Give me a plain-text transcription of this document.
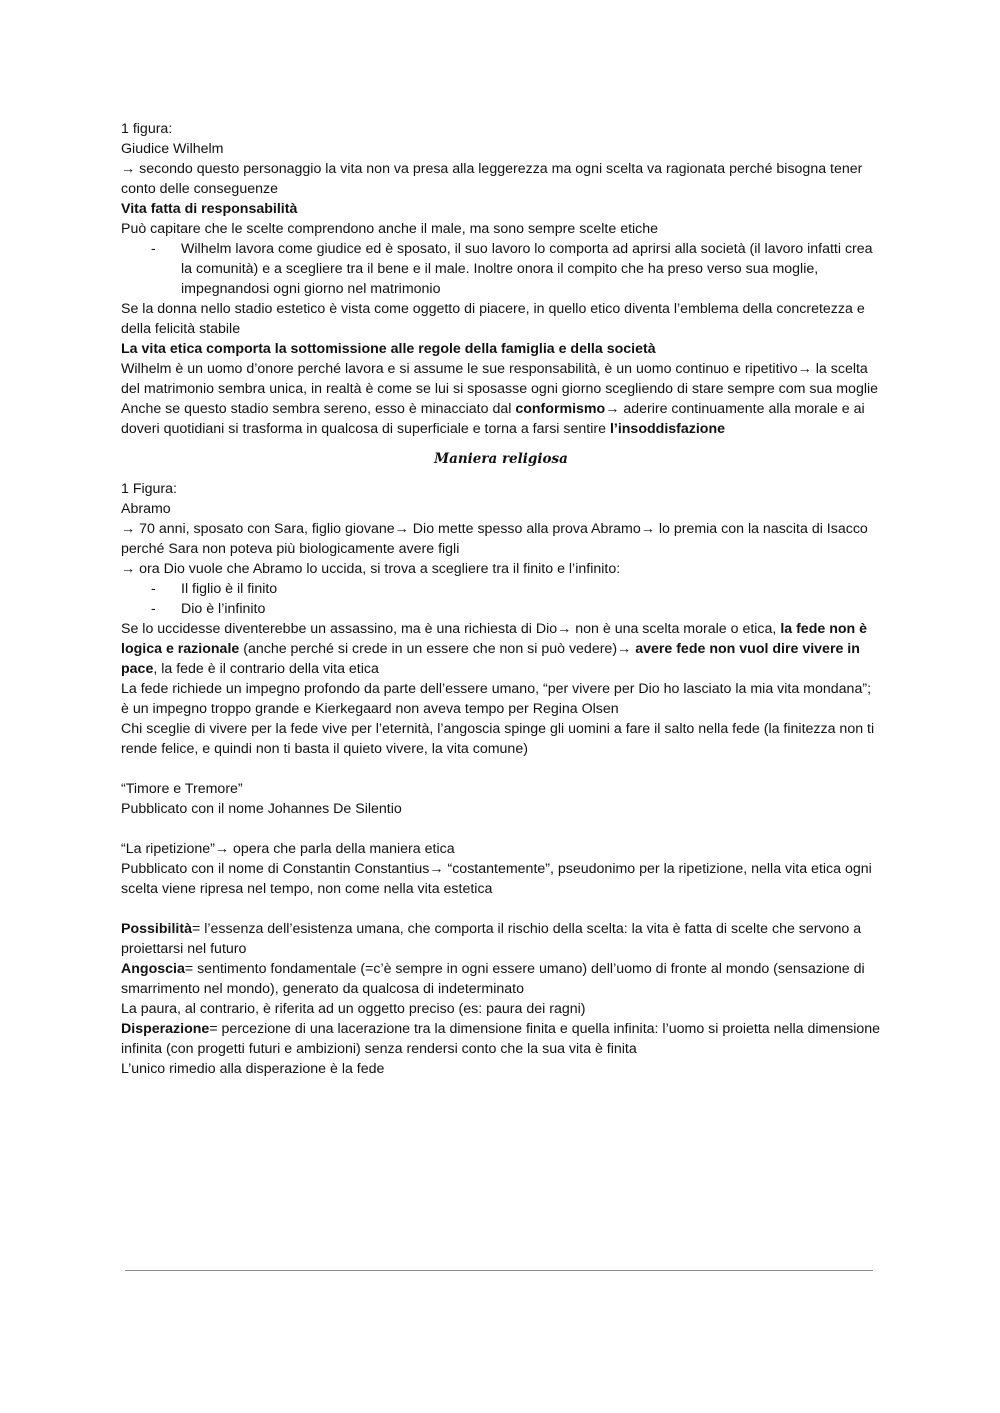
1 figura:
Giudice Wilhelm
→ secondo questo personaggio la vita non va presa alla leggerezza ma ogni scelta va ragionata perché bisogna tener conto delle conseguenze
Vita fatta di responsabilità
Può capitare che le scelte comprendono anche il male, ma sono sempre scelte etiche
- Wilhelm lavora come giudice ed è sposato, il suo lavoro lo comporta ad aprirsi alla società (il lavoro infatti crea la comunità) e a scegliere tra il bene e il male. Inoltre onora il compito che ha preso verso sua moglie, impegnandosi ogni giorno nel matrimonio
Se la donna nello stadio estetico è vista come oggetto di piacere, in quello etico diventa l’emblema della concretezza e della felicità stabile
La vita etica comporta la sottomissione alle regole della famiglia e della società
Wilhelm è un uomo d’onore perché lavora e si assume le sue responsabilità, è un uomo continuo e ripetitivo→ la scelta del matrimonio sembra unica, in realtà è come se lui si sposasse ogni giorno scegliendo di stare sempre com sua moglie
Anche se questo stadio sembra sereno, esso è minacciato dal conformismo→ aderire continuamente alla morale e ai doveri quotidiani si trasforma in qualcosa di superficiale e torna a farsi sentire l’insoddisfazione
Maniera religiosa
1 Figura:
Abramo
→ 70 anni, sposato con Sara, figlio giovane→ Dio mette spesso alla prova Abramo→ lo premia con la nascita di Isacco perché Sara non poteva più biologicamente avere figli
→ ora Dio vuole che Abramo lo uccida, si trova a scegliere tra il finito e l’infinito:
- Il figlio è il finito
- Dio è l’infinito
Se lo uccidesse diventerebbe un assassino, ma è una richiesta di Dio→ non è una scelta morale o etica, la fede non è logica e razionale (anche perché si crede in un essere che non si può vedere)→ avere fede non vuol dire vivere in pace, la fede è il contrario della vita etica
La fede richiede un impegno profondo da parte dell’essere umano, “per vivere per Dio ho lasciato la mia vita mondana”; è un impegno troppo grande e Kierkegaard non aveva tempo per Regina Olsen
Chi sceglie di vivere per la fede vive per l’eternità, l’angoscia spinge gli uomini a fare il salto nella fede (la finitezza non ti rende felice, e quindi non ti basta il quieto vivere, la vita comune)
“Timore e Tremore”
Pubblicato con il nome Johannes De Silentio
“La ripetizione”→ opera che parla della maniera etica
Pubblicato con il nome di Constantin Constantius→ “costantemente”, pseudonimo per la ripetizione, nella vita etica ogni scelta viene ripresa nel tempo, non come nella vita estetica
Possibilità= l’essenza dell’esistenza umana, che comporta il rischio della scelta: la vita è fatta di scelte che servono a proiettarsi nel futuro
Angoscia= sentimento fondamentale (=c’è sempre in ogni essere umano) dell’uomo di fronte al mondo (sensazione di smarrimento nel mondo), generato da qualcosa di indeterminato
La paura, al contrario, è riferita ad un oggetto preciso (es: paura dei ragni)
Disperazione= percezione di una lacerazione tra la dimensione finita e quella infinita: l’uomo si proietta nella dimensione infinita (con progetti futuri e ambizioni) senza rendersi conto che la sua vita è finita
L’unico rimedio alla disperazione è la fede
